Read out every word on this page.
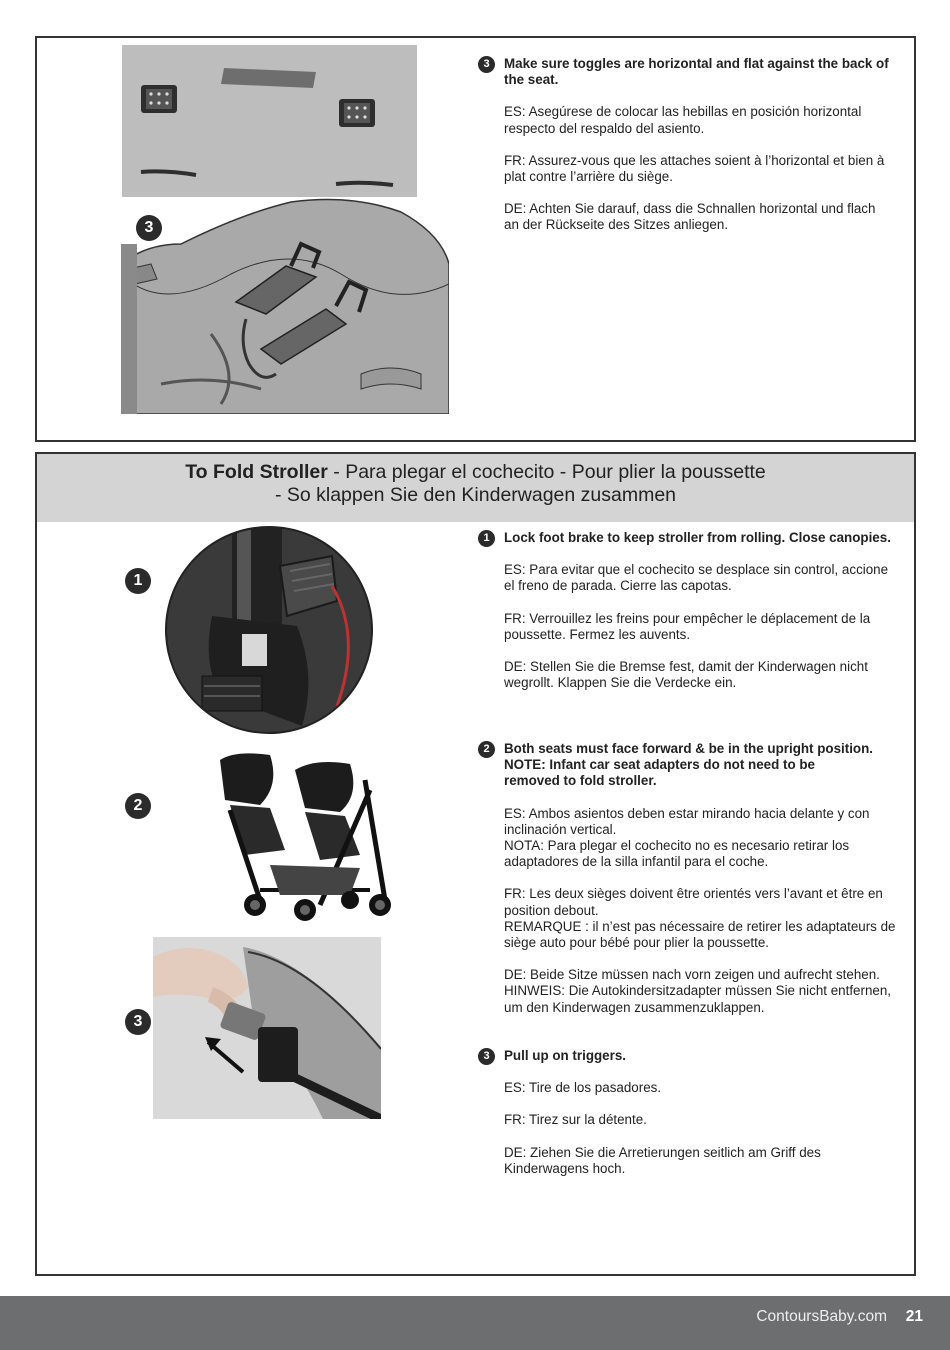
3
3	Make sure toggles are horizontal and flat against the back of the seat.

ES: Asegúrese de colocar las hebillas en posición horizontal respecto del respaldo del asiento.

FR: Assurez-vous que les attaches soient à l’horizontal et bien à plat contre l’arrière du siège.

DE: Achten Sie darauf, dass die Schnallen horizontal und flach an der Rückseite des Sitzes anliegen.

To Fold Stroller - Para plegar el cochecito - Pour plier la poussette
- So klappen Sie den Kinderwagen zusammen
1
2
3
1	Lock foot brake to keep stroller from rolling. Close canopies.

ES: Para evitar que el cochecito se desplace sin control, accione el freno de parada. Cierre las capotas.

FR: Verrouillez les freins pour empêcher le déplacement de la poussette. Fermez les auvents.

DE: Stellen Sie die Bremse fest, damit der Kinderwagen nicht wegrollt. Klappen Sie die Verdecke ein.

2	Both seats must face forward & be in the upright position.
NOTE: Infant car seat adapters do not need to be
removed to fold stroller.

ES: Ambos asientos deben estar mirando hacia delante y con inclinación vertical.
NOTA: Para plegar el cochecito no es necesario retirar los adaptadores de la silla infantil para el coche.

FR: Les deux sièges doivent être orientés vers l’avant et être en position debout.
REMARQUE : il n’est pas nécessaire de retirer les adaptateurs de siège auto pour bébé pour plier la poussette.

DE: Beide Sitze müssen nach vorn zeigen und aufrecht stehen.
HINWEIS: Die Autokindersitzadapter müssen Sie nicht entfernen, um den Kinderwagen zusammenzuklappen.

3	Pull up on triggers.

ES: Tire de los pasadores.

FR: Tirez sur la détente.

DE: Ziehen Sie die Arretierungen seitlich am Griff des Kinderwagens hoch.

ContoursBaby.com 21
